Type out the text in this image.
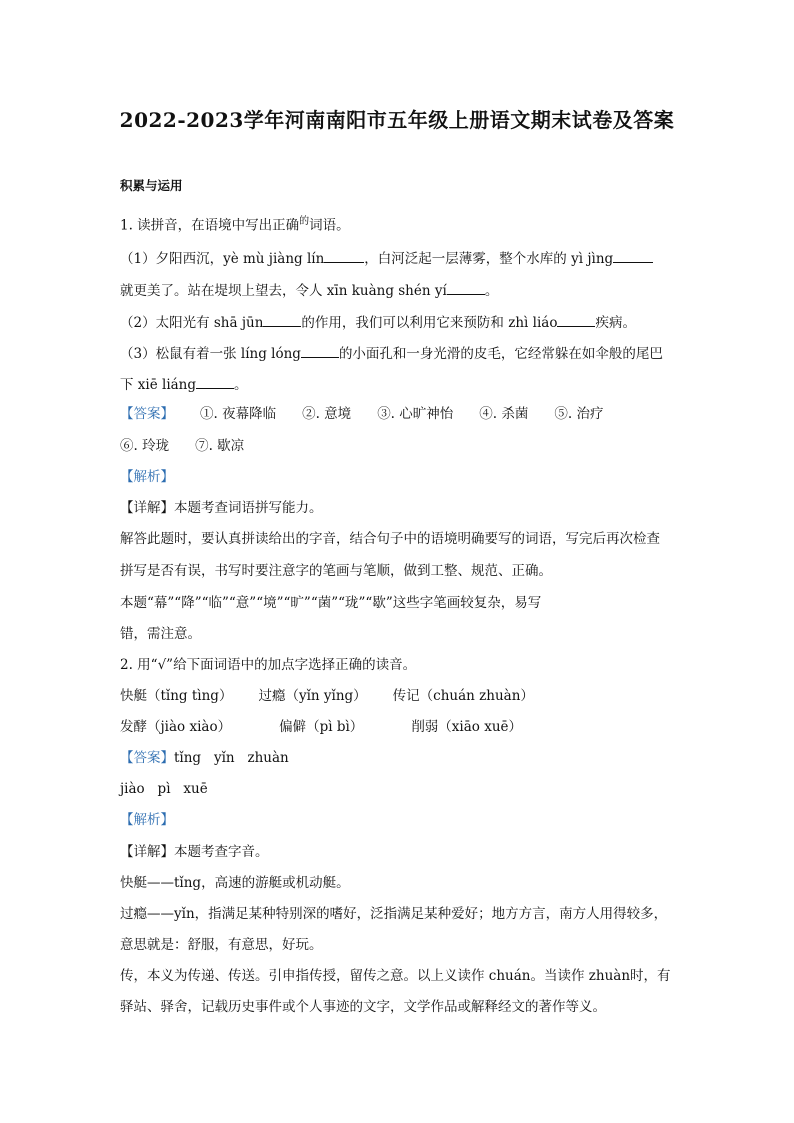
2022-2023学年河南南阳市五年级上册语文期末试卷及答案
积累与运用
1. 读拼音，在语境中写出正确$^的$词语。
（1）夕阳西沉，yè mù jiàng lín	，白河泛起一层薄雾，整个水库的 yì jìng
就更美了。站在堤坝上望去，令人 xīn kuàng shén yí	。
（2）太阳光有 shā jūn	的作用，我们可以利用它来预防和 zhì liáo	疾病。
（3）松鼠有着一张 líng lóng	的小面孔和一身光滑的皮毛，它经常躲在如伞般的尾巴
下 xiē liáng	。
【答案】 ①. 夜幕降临 ②. 意境 ③. 心旷神怡 ④. 杀菌 ⑤. 治疗
⑥. 玲珑 ⑦. 歇凉
【解析】
【详解】本题考查词语拼写能力。
解答此题时，要认真拼读给出的字音，结合句子中的语境明确要写的词语，写完后再次检查
拼写是否有误，书写时要注意字的笔画与笔顺，做到工整、规范、正确。
本题“幕”“降”“临”“意”“境”“旷”“菌”“珑”“歇”这些字笔画较复杂，易写
错，需注意。
2. 用“√”给下面词语中的加点字选择正确的读音。
快艇（tǐng tìng） 过瘾（yǐn yǐng） 传记（chuán zhuàn）
发酵（jiào xiào）	偏僻（pì bì）	削弱（xiāo xuē）
【答案】tǐng   yǐn   zhuàn
jiào   pì   xuē
【解析】
【详解】本题考查字音。
快艇——tǐng，高速的游艇或机动艇。
过瘾——yǐn，指满足某种特别深的嗜好，泛指满足某种爱好；地方方言，南方人用得较多，
意思就是：舒服，有意思，好玩。
传，本义为传递、传送。引申指传授，留传之意。以上义读作 chuán。当读作 zhuàn时，有
驿站、驿舍，记载历史事件或个人事迹的文字，文学作品或解释经文的著作等义。
